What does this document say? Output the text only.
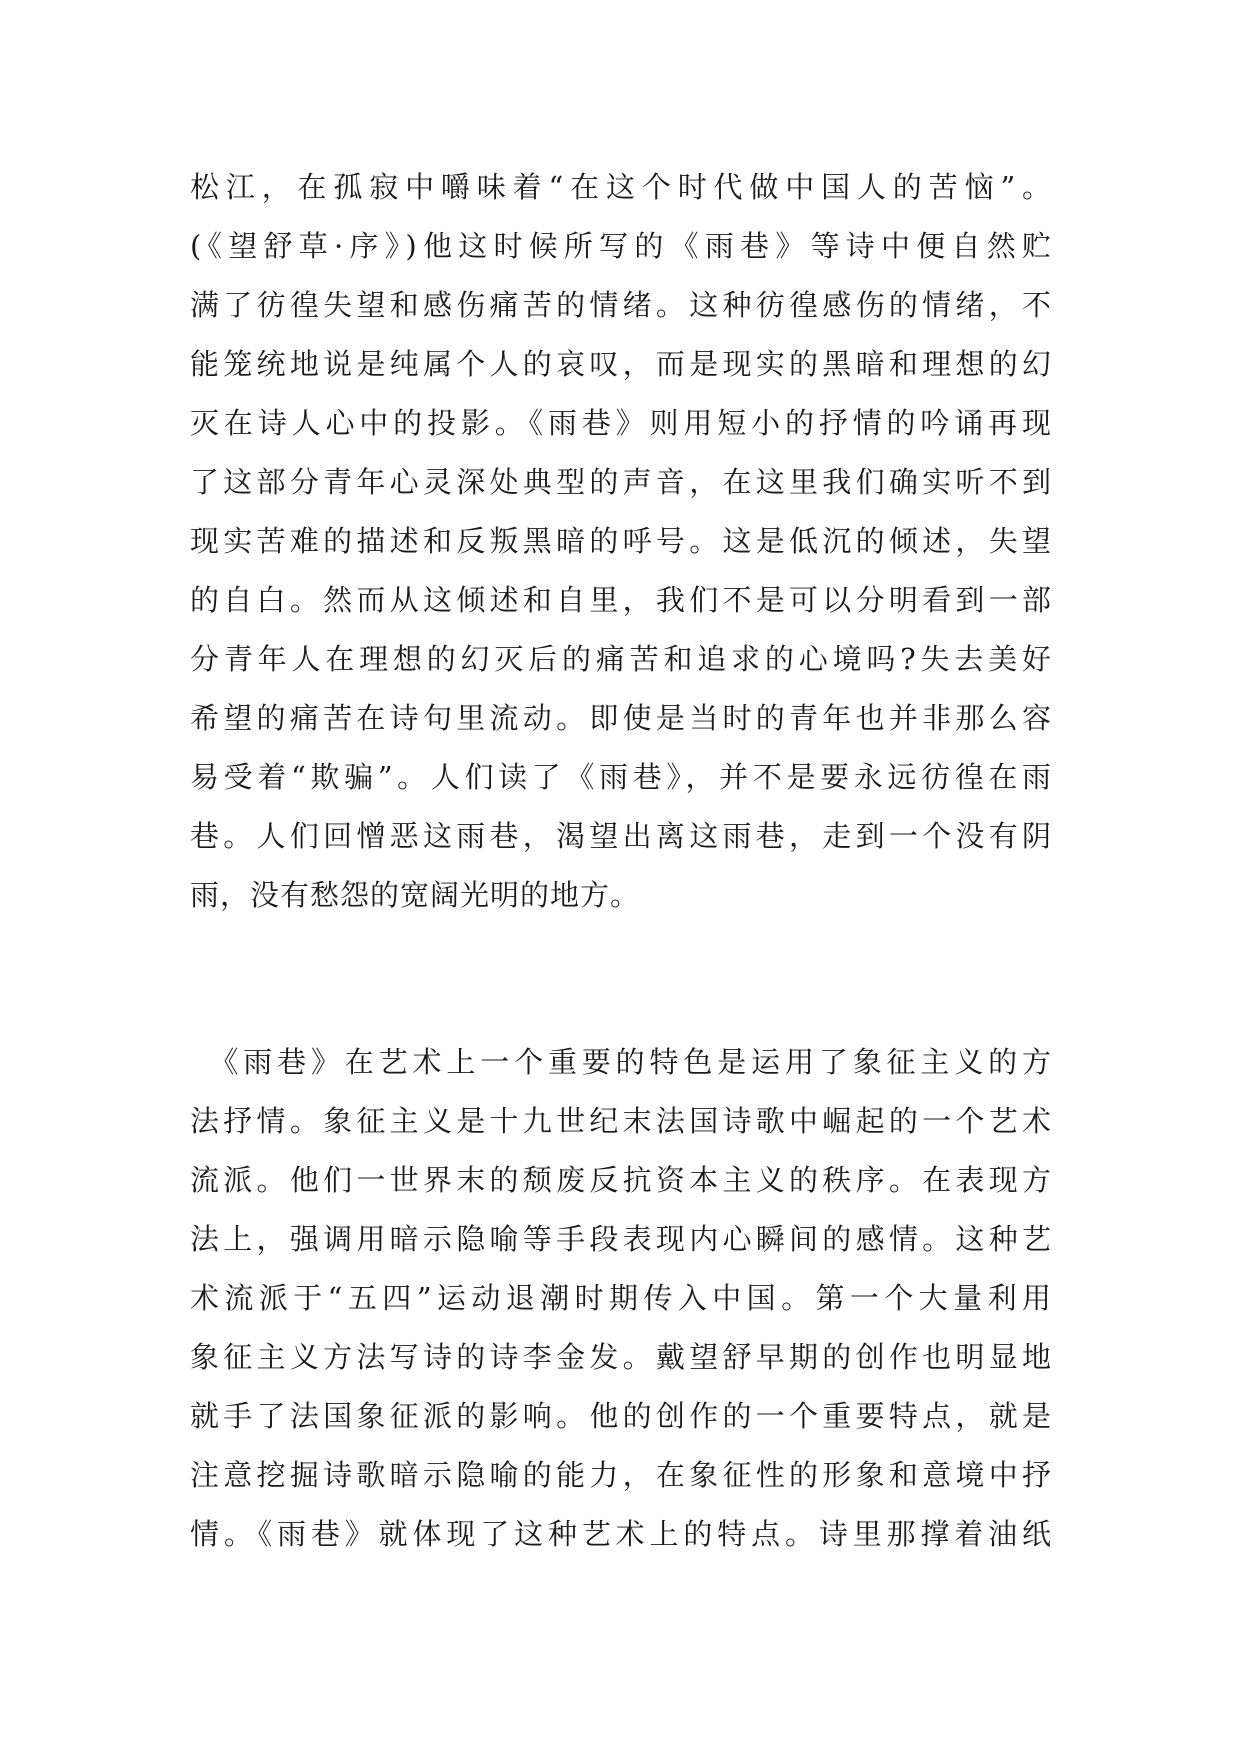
松江，在孤寂中嚼味着“在这个时代做中国人的苦恼”。
(《望舒草·序》)他这时候所写的《雨巷》等诗中便自然贮
满了彷徨失望和感伤痛苦的情绪。这种彷徨感伤的情绪，不
能笼统地说是纯属个人的哀叹，而是现实的黑暗和理想的幻
灭在诗人心中的投影。《雨巷》则用短小的抒情的吟诵再现
了这部分青年心灵深处典型的声音，在这里我们确实听不到
现实苦难的描述和反叛黑暗的呼号。这是低沉的倾述，失望
的自白。然而从这倾述和自里，我们不是可以分明看到一部
分青年人在理想的幻灭后的痛苦和追求的心境吗?失去美好
希望的痛苦在诗句里流动。即使是当时的青年也并非那么容
易受着“欺骗”。人们读了《雨巷》，并不是要永远彷徨在雨
巷。人们回憎恶这雨巷，渴望出离这雨巷，走到一个没有阴
雨，没有愁怨的宽阔光明的地方。
　《雨巷》在艺术上一个重要的特色是运用了象征主义的方
法抒情。象征主义是十九世纪末法国诗歌中崛起的一个艺术
流派。他们一世界末的颓废反抗资本主义的秩序。在表现方
法上，强调用暗示隐喻等手段表现内心瞬间的感情。这种艺
术流派于“五四”运动退潮时期传入中国。第一个大量利用
象征主义方法写诗的诗李金发。戴望舒早期的创作也明显地
就手了法国象征派的影响。他的创作的一个重要特点，就是
注意挖掘诗歌暗示隐喻的能力，在象征性的形象和意境中抒
情。《雨巷》就体现了这种艺术上的特点。诗里那撑着油纸
